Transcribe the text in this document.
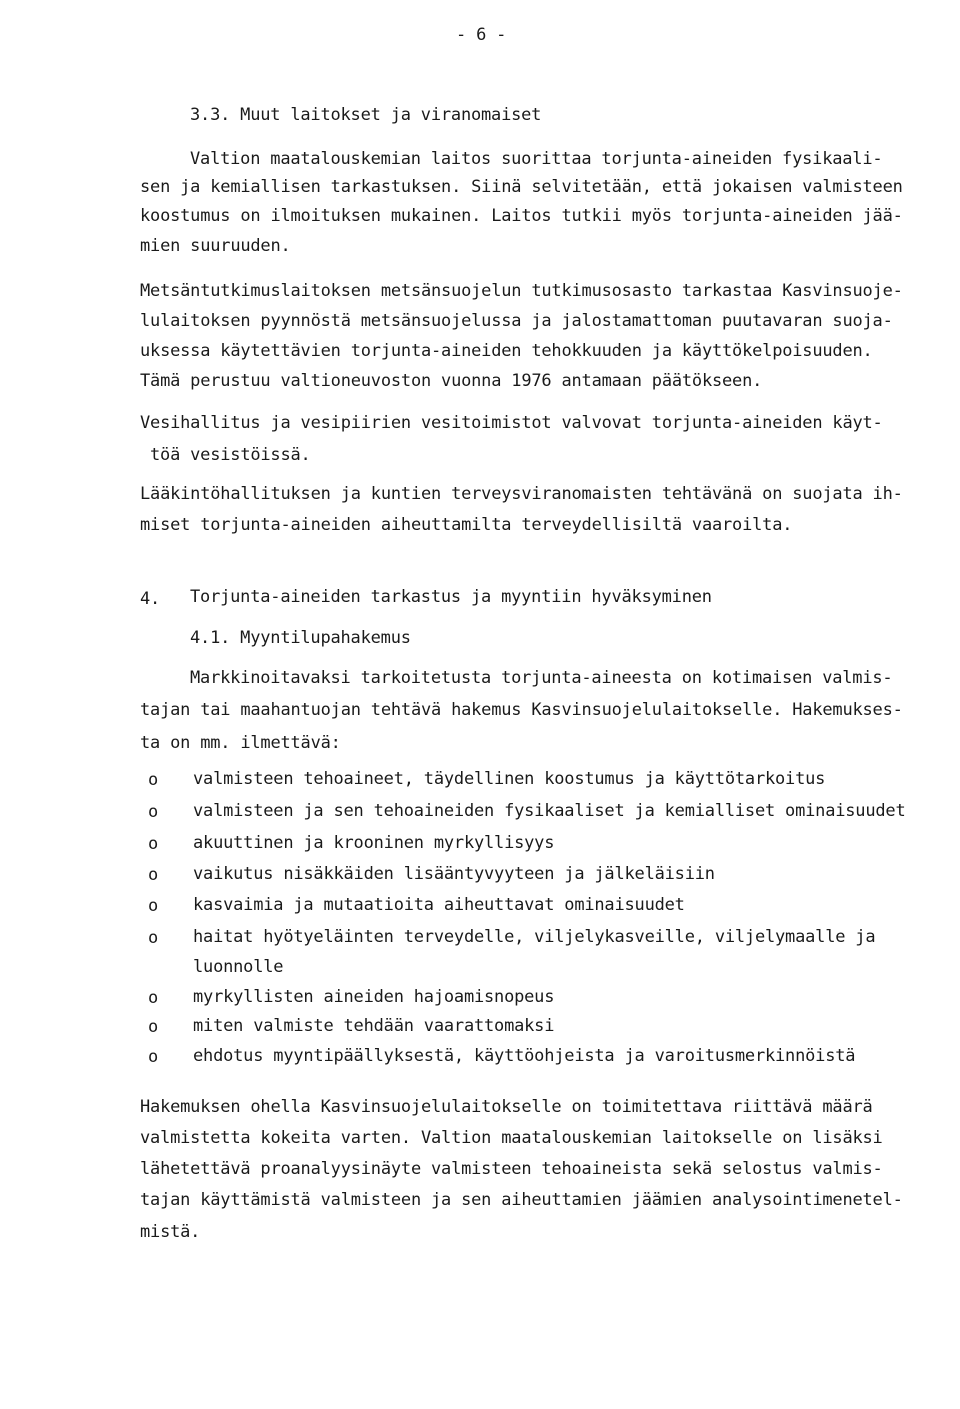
- 6 -
3.3. Muut laitokset ja viranomaiset
Valtion maatalouskemian laitos suorittaa torjunta-aineiden fysikaali-
sen ja kemiallisen tarkastuksen. Siinä selvitetään, että jokaisen valmisteen
koostumus on ilmoituksen mukainen. Laitos tutkii myös torjunta-aineiden jää-
mien suuruuden.
Metsäntutkimuslaitoksen metsänsuojelun tutkimusosasto tarkastaa Kasvinsuoje-
lulaitoksen pyynnöstä metsänsuojelussa ja jalostamattoman puutavaran suoja-
uksessa käytettävien torjunta-aineiden tehokkuuden ja käyttökelpoisuuden.
Tämä perustuu valtioneuvoston vuonna 1976 antamaan päätökseen.
Vesihallitus ja vesipiirien vesitoimistot valvovat torjunta-aineiden käyt-
töä vesistöissä.
Lääkintöhallituksen ja kuntien terveysviranomaisten tehtävänä on suojata ih-
miset torjunta-aineiden aiheuttamilta terveydellisiltä vaaroilta.
4. Torjunta-aineiden tarkastus ja myyntiin hyväksyminen
4.1. Myyntilupahakemus
Markkinoitavaksi tarkoitetusta torjunta-aineesta on kotimaisen valmis-
tajan tai maahantuojan tehtävä hakemus Kasvinsuojelulaitokselle. Hakemukses-
ta on mm. ilmettävä:
o valmisteen tehoaineet, täydellinen koostumus ja käyttötarkoitus
o valmisteen ja sen tehoaineiden fysikaaliset ja kemialliset ominaisuudet
o akuuttinen ja krooninen myrkyllisyys
o vaikutus nisäkkäiden lisääntyvyyteen ja jälkeläisiin
o kasvaimia ja mutaatioita aiheuttavat ominaisuudet
o haitat hyötyeläinten terveydelle, viljelykasveille, viljelymaalle ja
luonnolle
o myrkyllisten aineiden hajoamisnopeus
o miten valmiste tehdään vaarattomaksi
o ehdotus myyntipäällyksestä, käyttöohjeista ja varoitusmerkinnöistä
Hakemuksen ohella Kasvinsuojelulaitokselle on toimitettava riittävä määrä
valmistetta kokeita varten. Valtion maatalouskemian laitokselle on lisäksi
lähetettävä proanalyysinäyte valmisteen tehoaineista sekä selostus valmis-
tajan käyttämistä valmisteen ja sen aiheuttamien jäämien analysointimenetel-
mistä.
